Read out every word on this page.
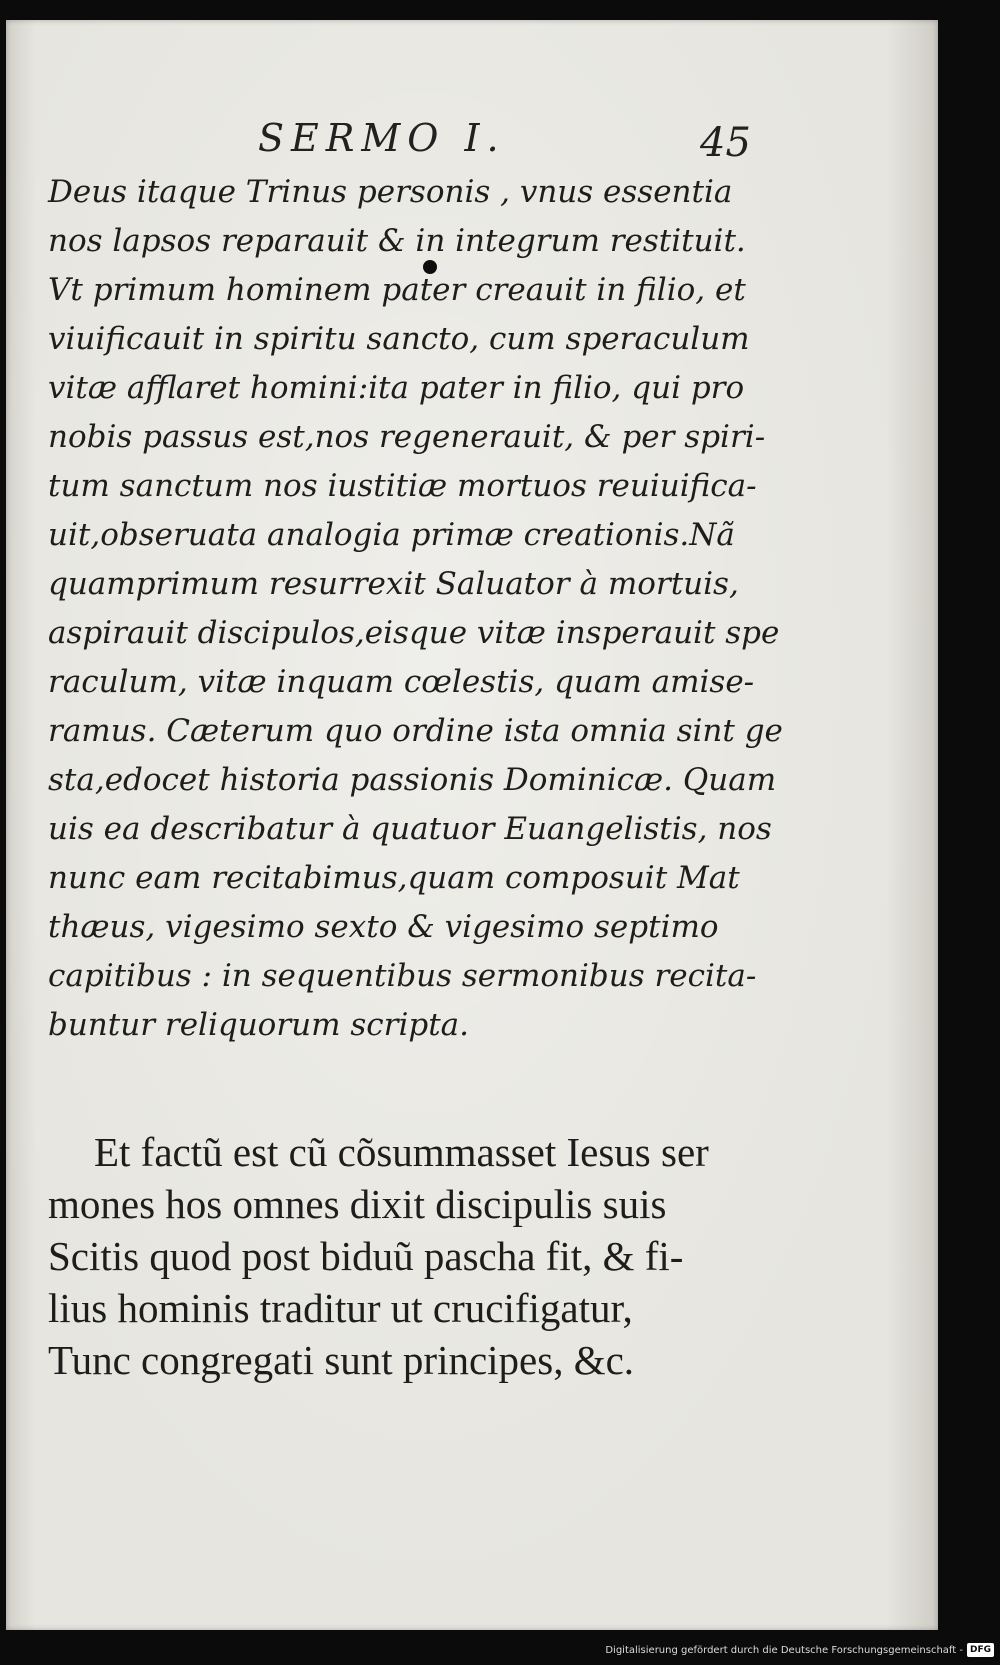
SERMO I.	45

Deus itaque Trinus personis , vnus essentia
nos lapsos reparauit & in integrum restituit.
Vt primum hominem pater creauit in filio, et
viuificauit in spiritu sancto, cum speraculum
vitæ afflaret homini:ita pater in filio, qui pro
nobis passus est,nos regenerauit, & per spiri-
tum sanctum nos iustitiæ mortuos reuiuifica-
uit,obseruata analogia primæ creationis.Nã
quamprimum resurrexit Saluator à mortuis,
aspirauit discipulos,eisque vitæ insperauit spe
raculum, vitæ inquam cœlestis, quam amise-
ramus. Cæterum quo ordine ista omnia sint ge
sta,edocet historia passionis Dominicæ. Quam
uis ea describatur à quatuor Euangelistis, nos
nunc eam recitabimus,quam composuit Mat
thæus, vigesimo sexto & vigesimo septimo
capitibus : in sequentibus sermonibus recita-
buntur reliquorum scripta.

Et factũ est cũ cõsummasset Iesus ser
mones hos omnes dixit discipulis suis
Scitis quod post biduũ pascha fit, & fi-
lius hominis traditur ut crucifigatur,
Tunc congregati sunt principes, &c.

Digitalisierung gefördert durch die Deutsche Forschungsgemeinschaft - DFG
